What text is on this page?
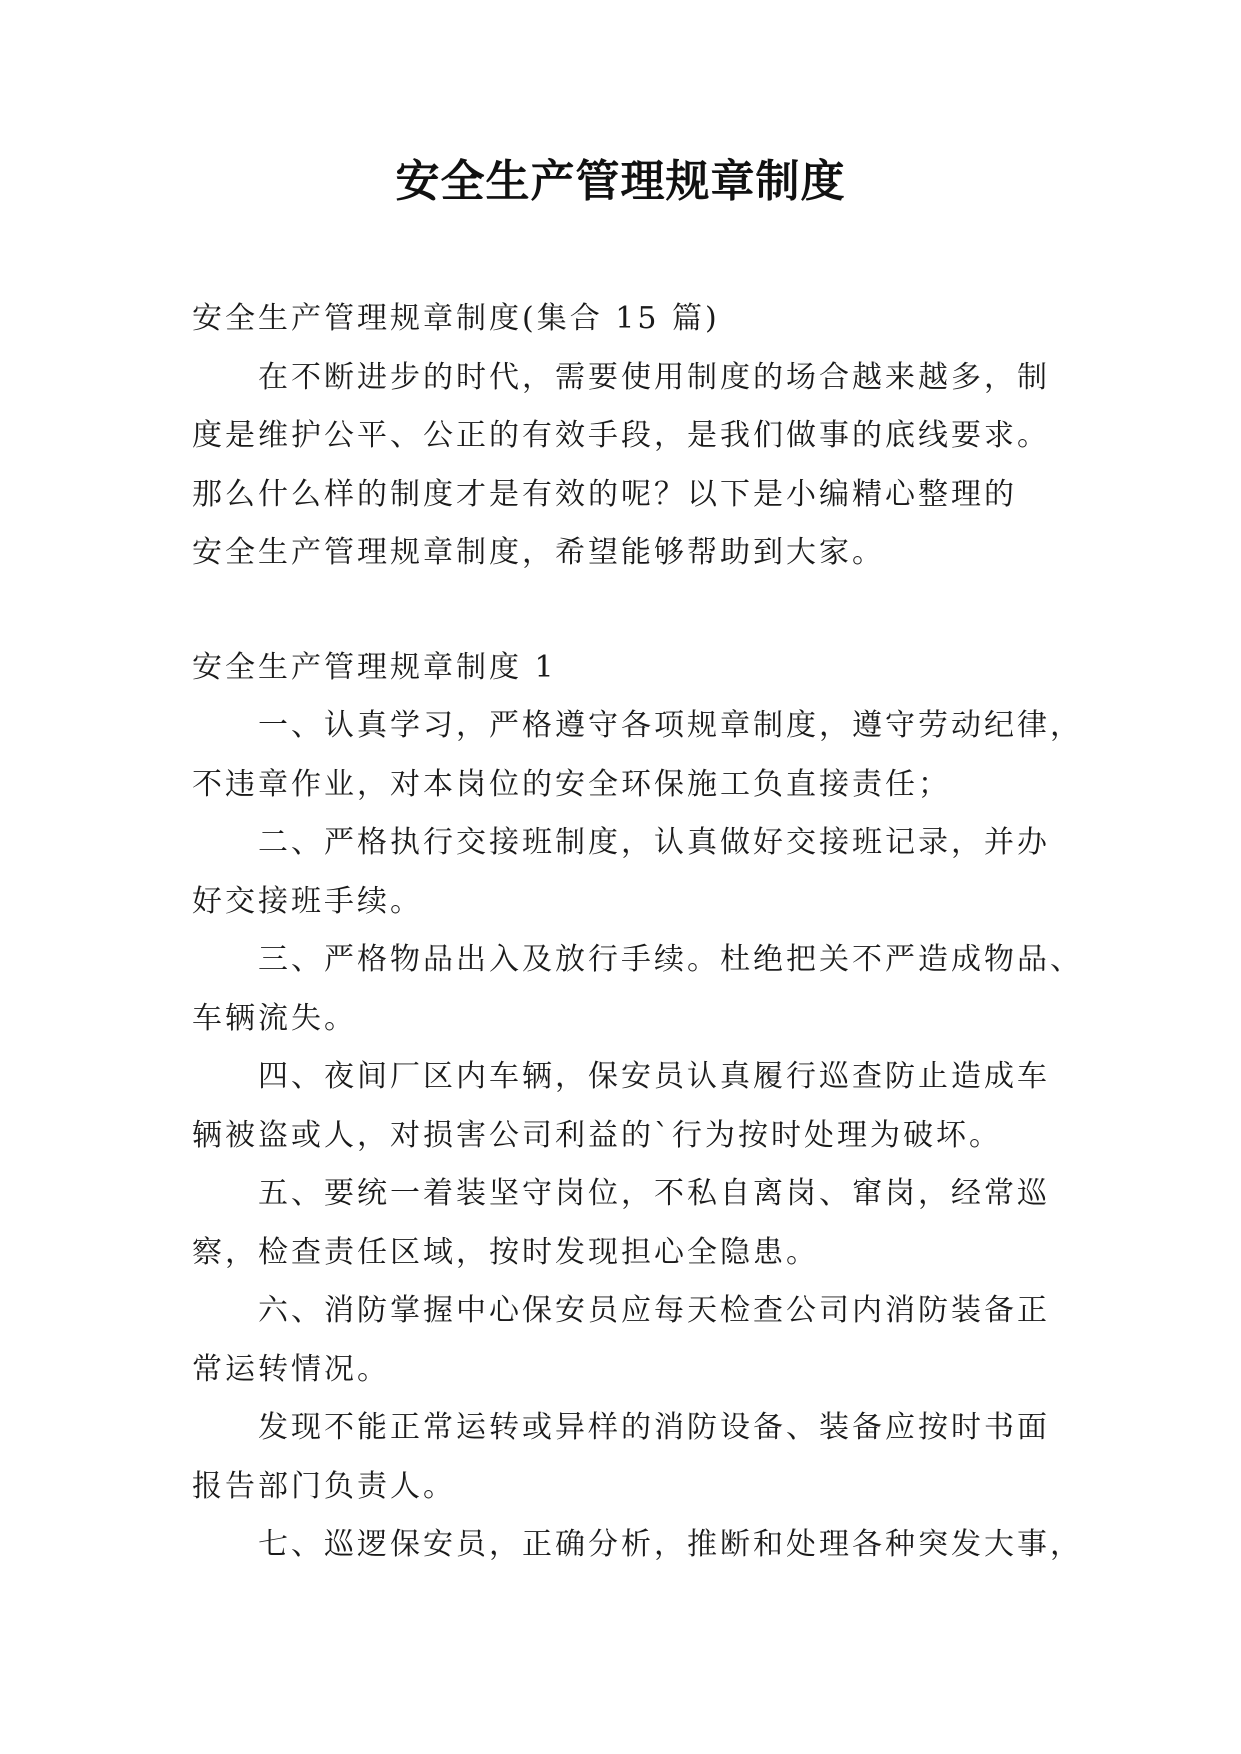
安全生产管理规章制度
安全生产管理规章制度(集合 15 篇)
在不断进步的时代，需要使用制度的场合越来越多，制
度是维护公平、公正的有效手段，是我们做事的底线要求。
那么什么样的制度才是有效的呢？以下是小编精心整理的
安全生产管理规章制度，希望能够帮助到大家。
安全生产管理规章制度 1
一、认真学习，严格遵守各项规章制度，遵守劳动纪律，
不违章作业，对本岗位的安全环保施工负直接责任；
二、严格执行交接班制度，认真做好交接班记录，并办
好交接班手续。
三、严格物品出入及放行手续。杜绝把关不严造成物品、
车辆流失。
四、夜间厂区内车辆，保安员认真履行巡查防止造成车
辆被盗或人，对损害公司利益的`行为按时处理为破坏。
五、要统一着装坚守岗位，不私自离岗、窜岗，经常巡
察，检查责任区域，按时发现担心全隐患。
六、消防掌握中心保安员应每天检查公司内消防装备正
常运转情况。
发现不能正常运转或异样的消防设备、装备应按时书面
报告部门负责人。
七、巡逻保安员，正确分析，推断和处理各种突发大事，
